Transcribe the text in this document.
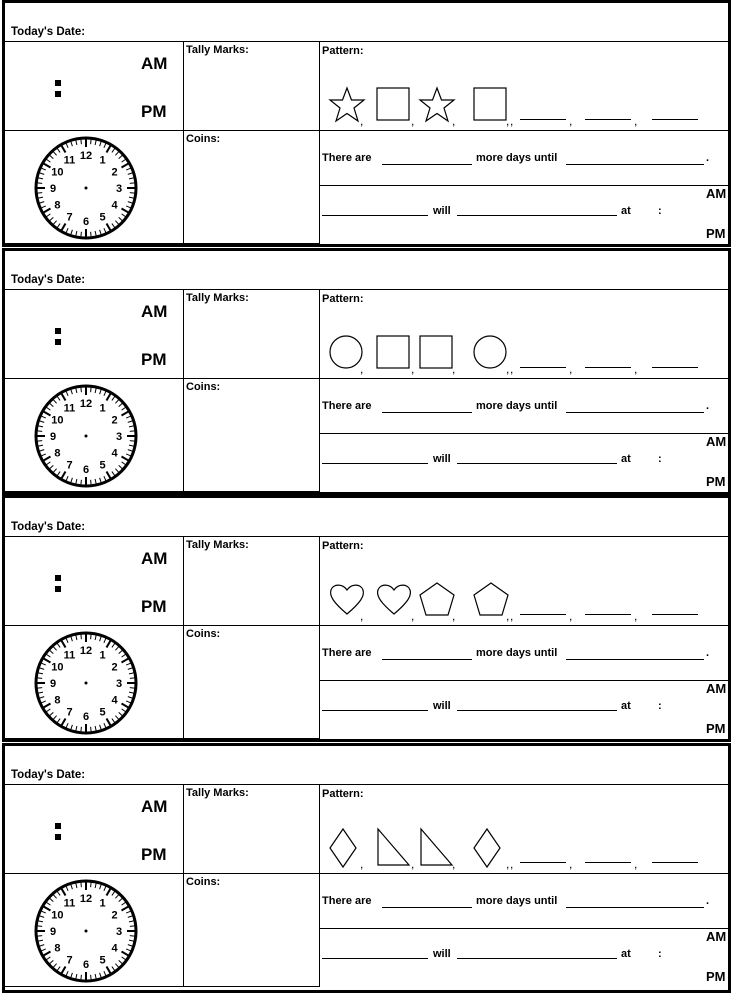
Today's Date:
AM
PM
Tally Marks:	Pattern:
,	,	,	,	,	,
,
12 1
2
3
4
5
6
7
8
9
10
11
Coins:
There are	more days until	.
will	at :
AM
PM
Today's Date:
AM
PM
Tally Marks:	Pattern:
,	,	,	,	,	,
,
12 1
2
3
4
5
6
7
8
9
10
11
Coins:
There are	more days until	.
will	at :
AM
PM
Today's Date:
AM
PM
Tally Marks:	Pattern:
,	,	,	,	,	,
,
12 1
2
3
4
5
6
7
8
9
10
11
Coins:
There are	more days until	.
will	at :
AM
PM
Today's Date:
AM
PM
Tally Marks:	Pattern:
,	,	,	,	,	,
,
12 1
2
3
4
5
6
7
8
9
10
11
Coins:
There are	more days until	.
will	at :
AM
PM
